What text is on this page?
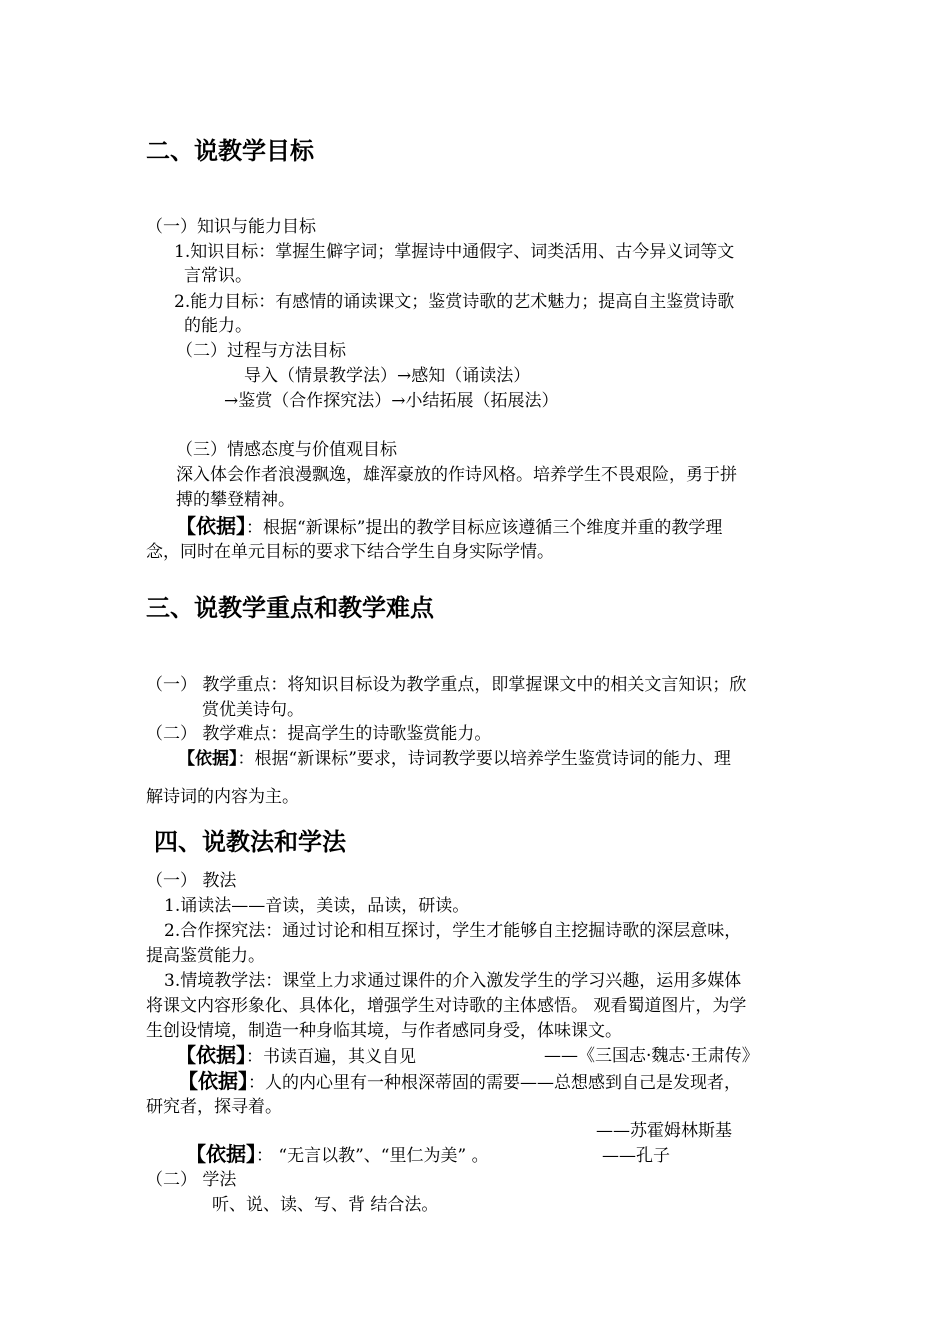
二、说教学目标
（一）知识与能力目标
1.知识目标：掌握生僻字词；掌握诗中通假字、词类活用、古今异义词等文
言常识。
2.能力目标：有感情的诵读课文；鉴赏诗歌的艺术魅力；提高自主鉴赏诗歌
的能力。
（二）过程与方法目标
导入（情景教学法）→感知（诵读法）
→鉴赏（合作探究法）→小结拓展（拓展法）
（三）情感态度与价值观目标
深入体会作者浪漫飘逸，雄浑豪放的作诗风格。培养学生不畏艰险，勇于拼
搏的攀登精神。
【依据】：根据“新课标”提出的教学目标应该遵循三个维度并重的教学理
念，同时在单元目标的要求下结合学生自身实际学情。
三、说教学重点和教学难点
（一） 教学重点：将知识目标设为教学重点，即掌握课文中的相关文言知识；欣
赏优美诗句。
（二） 教学难点：提高学生的诗歌鉴赏能力。
【依据】：根据“新课标”要求，诗词教学要以培养学生鉴赏诗词的能力、理
解诗词的内容为主。
四、说教法和学法
（一） 教法
1.诵读法——音读，美读，品读，研读。
2.合作探究法：通过讨论和相互探讨，学生才能够自主挖掘诗歌的深层意味，
提高鉴赏能力。
3.情境教学法：课堂上力求通过课件的介入激发学生的学习兴趣，运用多媒体
将课文内容形象化、具体化，增强学生对诗歌的主体感悟。 观看蜀道图片，为学
生创设情境，制造一种身临其境，与作者感同身受，体味课文。
【依据】：书读百遍，其义自见	——《三国志·魏志·王肃传》
【依据】：人的内心里有一种根深蒂固的需要——总想感到自己是发现者，
研究者，探寻着。
——苏霍姆林斯基
【依据】： “无言以教”、“里仁为美” 。	——孔子
（二） 学法
听、说、读、写、背 结合法。
